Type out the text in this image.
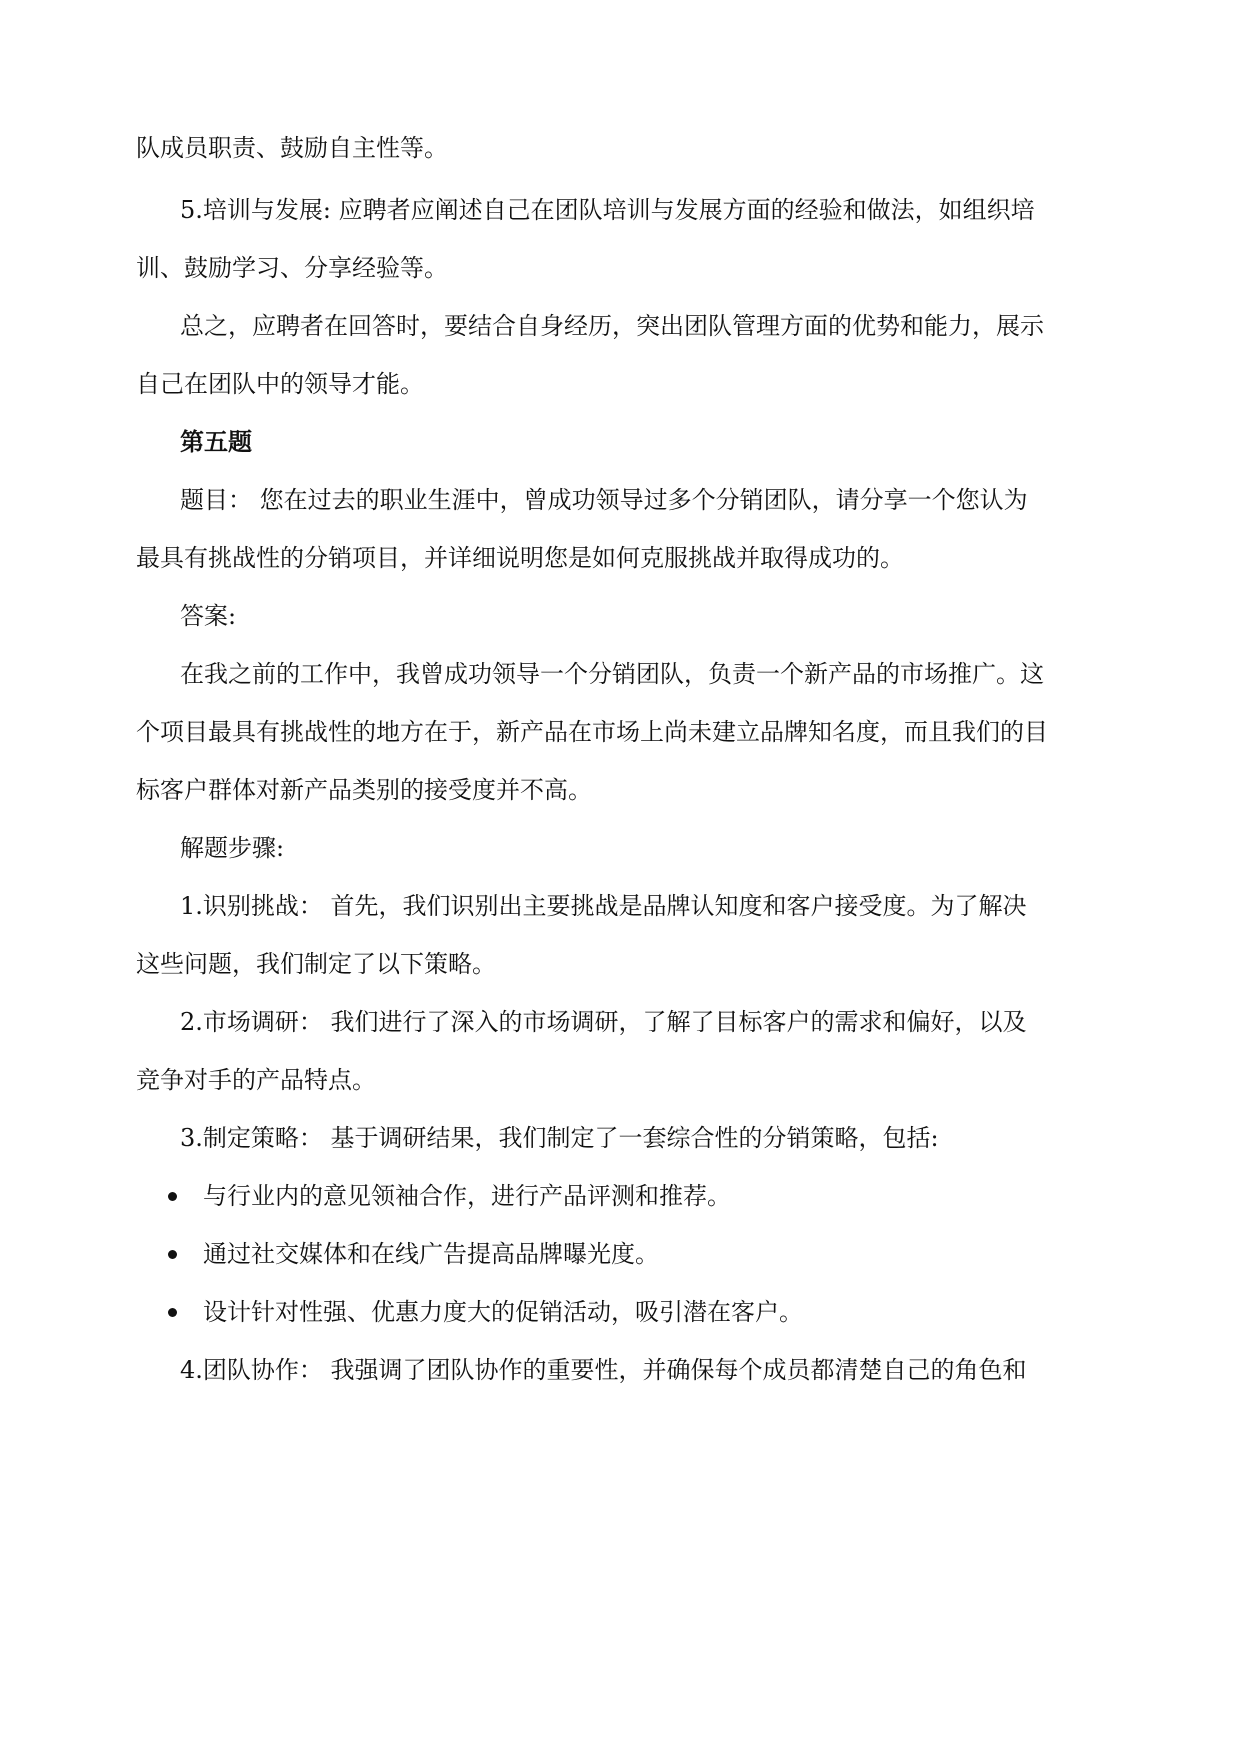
队成员职责、鼓励自主性等。
5.培训与发展: 应聘者应阐述自己在团队培训与发展方面的经验和做法，如组织培
训、鼓励学习、分享经验等。
总之，应聘者在回答时，要结合自身经历，突出团队管理方面的优势和能力，展示
自己在团队中的领导才能。
第五题
题目： 您在过去的职业生涯中，曾成功领导过多个分销团队，请分享一个您认为
最具有挑战性的分销项目，并详细说明您是如何克服挑战并取得成功的。
答案:
在我之前的工作中，我曾成功领导一个分销团队，负责一个新产品的市场推广。这
个项目最具有挑战性的地方在于，新产品在市场上尚未建立品牌知名度，而且我们的目
标客户群体对新产品类别的接受度并不高。
解题步骤:
1.识别挑战： 首先，我们识别出主要挑战是品牌认知度和客户接受度。为了解决
这些问题，我们制定了以下策略。
2.市场调研： 我们进行了深入的市场调研，了解了目标客户的需求和偏好，以及
竞争对手的产品特点。
3.制定策略： 基于调研结果，我们制定了一套综合性的分销策略，包括:
与行业内的意见领袖合作，进行产品评测和推荐。
通过社交媒体和在线广告提高品牌曝光度。
设计针对性强、优惠力度大的促销活动，吸引潜在客户。
4.团队协作： 我强调了团队协作的重要性，并确保每个成员都清楚自己的角色和
